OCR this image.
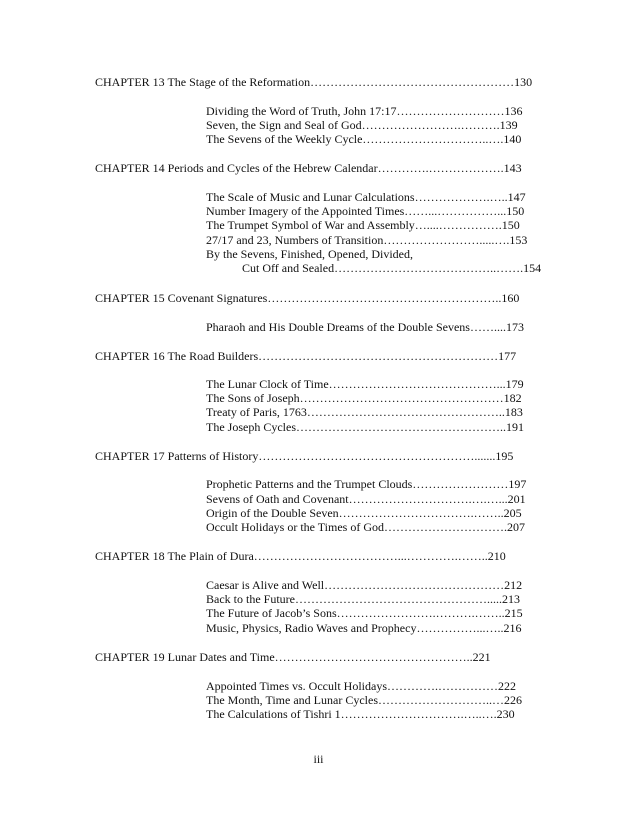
CHAPTER 13 The Stage of the Reformation……………………………………………130
Dividing the Word of Truth, John 17:17………………………136
Seven, the Sign and Seal of God…………………….……….139
The Sevens of the Weekly Cycle…………………………..….140
CHAPTER 14 Periods and Cycles of the Hebrew Calendar………….……………….143
The Scale of Music and Lunar Calculations……………….…..147
Number Imagery of the Appointed Times……...……………...150
The Trumpet Symbol of War and Assembly…....…………….150
27/17 and 23, Numbers of Transition…………………….....….153
By the Sevens, Finished, Opened, Divided,
Cut Off and Sealed…………………………………..…….154
CHAPTER 15 Covenant Signatures…………………………………………………..160
Pharaoh and His Double Dreams of the Double Sevens……....173
CHAPTER 16 The Road Builders……………………………………………………177
The Lunar Clock of Time……………………………………...179
The Sons of Joseph……………………………………………182
Treaty of Paris, 1763…………………………………………..183
The Joseph Cycles……………………………………………..191
CHAPTER 17 Patterns of History……………………………………………….......195
Prophetic Patterns and the Trumpet Clouds……………………197
Sevens of Oath and Covenant………………………….….…...201
Origin of the Double Seven…………………………….……..205
Occult Holidays or the Times of God………………………….207
CHAPTER 18 The Plain of Dura………………………………...………….……..210
Caesar is Alive and Well………………………………………212
Back to the Future………………………………………….....213
The Future of Jacob’s Sons…………………….……….……..215
Music, Physics, Radio Waves and Prophecy……………...…..216
CHAPTER 19 Lunar Dates and Time…………………………………………..221
Appointed Times vs. Occult Holidays………….……………222
The Month, Time and Lunar Cycles………………………..…226
The Calculations of Tishri 1………………………….…..….230
iii
